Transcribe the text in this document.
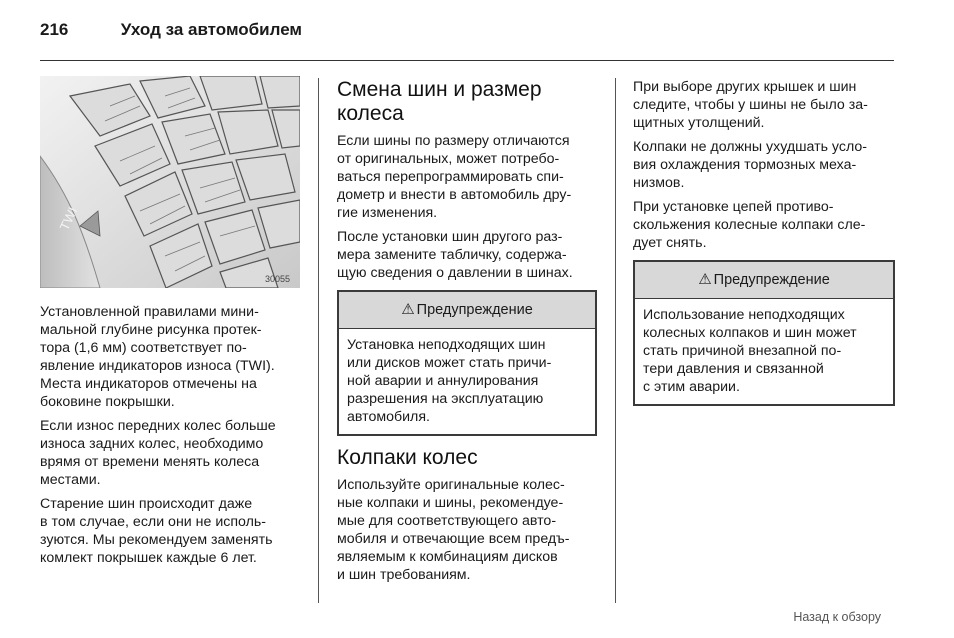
216	Уход за автомобилем
TWI
30055

Установленной правилами мини-
мальной глубине рисунка протек-
тора (1,6 мм) соответствует по-
явление индикаторов износа (TWI).
Места индикаторов отмечены на
боковине покрышки.

Если износ передних колес больше
износа задних колес, необходимо
врямя от времени менять колеса
местами.

Старение шин происходит даже
в том случае, если они не исполь-
зуются. Мы рекомендуем заменять
комлект покрышек каждые 6 лет.

Смена шин и размер
колеса

Если шины по размеру отличаются
от оригинальных, может потребо-
ваться перепрограммировать спи-
дометр и внести в автомобиль дру-
гие изменения.

После установки шин другого раз-
мера замените табличку, содержа-
щую сведения о давлении в шинах.

⚠ Предупреждение
Установка неподходящих шин
или дисков может стать причи-
ной аварии и аннулирования
разрешения на эксплуатацию
автомобиля.
Колпаки колес

Используйте оригинальные колес-
ные колпаки и шины, рекомендуе-
мые для соответствующего авто-
мобиля и отвечающие всем предъ-
являемым к комбинациям дисков
и шин требованиям.

При выборе других крышек и шин
следите, чтобы у шины не было за-
щитных утолщений.

Колпаки не должны ухудшать усло-
вия охлаждения тормозных меха-
низмов.

При установке цепей противо-
скольжения колесные колпаки сле-
дует снять.

⚠ Предупреждение
Использование неподходящих
колесных колпаков и шин может
стать причиной внезапной по-
тери давления и связанной
с этим аварии.
Назад к обзору
